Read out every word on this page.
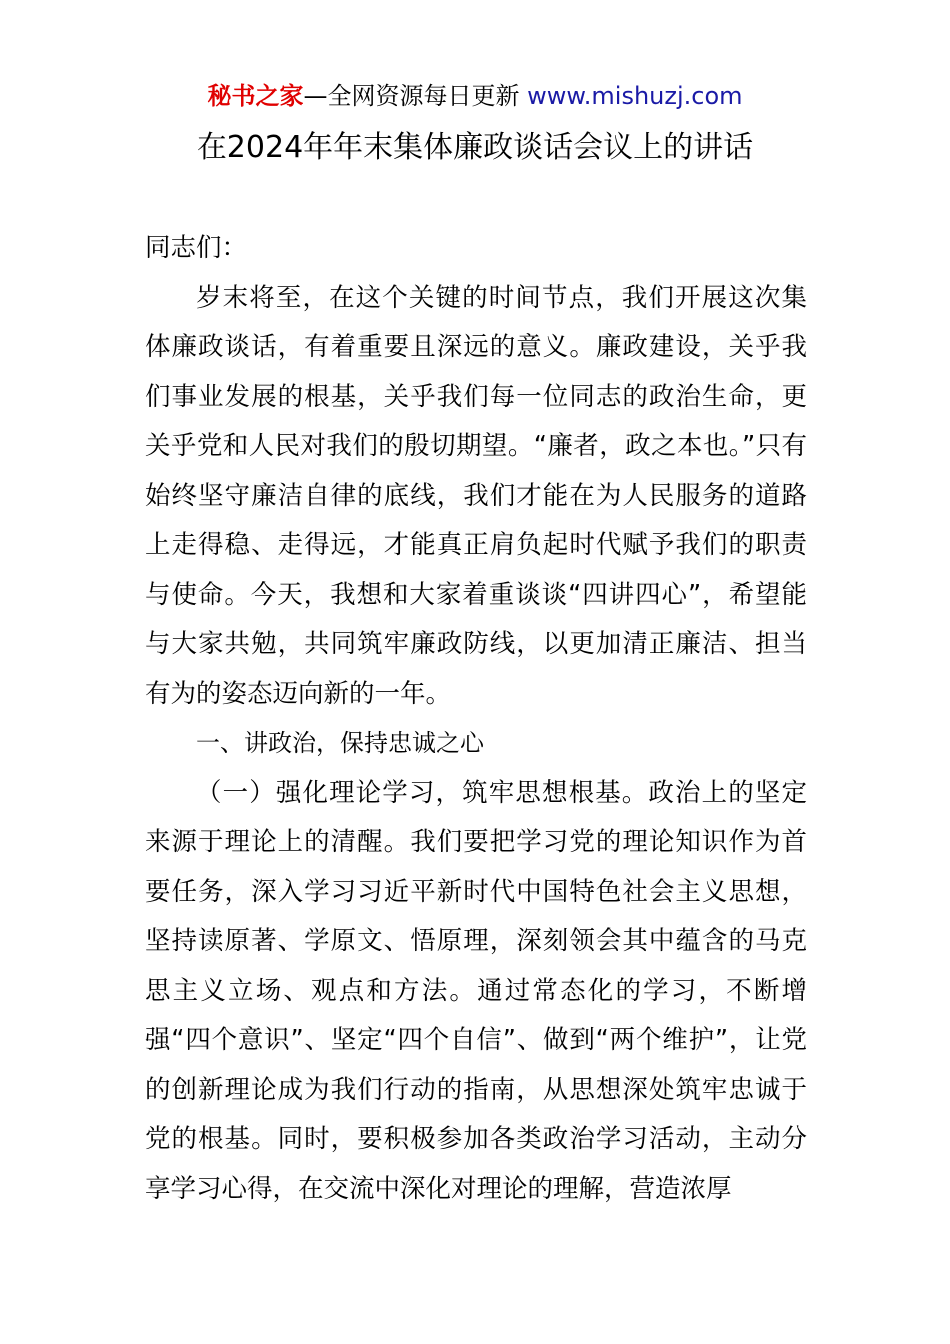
秘书之家—全网资源每日更新 www.mishuzj.com
在2024年年末集体廉政谈话会议上的讲话

同志们：

岁末将至，在这个关键的时间节点，我们开展这次集体廉政谈话，有着重要且深远的意义。廉政建设，关乎我们事业发展的根基，关乎我们每一位同志的政治生命，更关乎党和人民对我们的殷切期望。“廉者，政之本也。”只有始终坚守廉洁自律的底线，我们才能在为人民服务的道路上走得稳、走得远，才能真正肩负起时代赋予我们的职责与使命。今天，我想和大家着重谈谈“四讲四心”，希望能与大家共勉，共同筑牢廉政防线，以更加清正廉洁、担当有为的姿态迈向新的一年。

一、讲政治，保持忠诚之心

（一）强化理论学习，筑牢思想根基。政治上的坚定来源于理论上的清醒。我们要把学习党的理论知识作为首要任务，深入学习习近平新时代中国特色社会主义思想，坚持读原著、学原文、悟原理，深刻领会其中蕴含的马克思主义立场、观点和方法。通过常态化的学习，不断增强“四个意识”、坚定“四个自信”、做到“两个维护”，让党的创新理论成为我们行动的指南，从思想深处筑牢忠诚于党的根基。同时，要积极参加各类政治学习活动，主动分享学习心得，在交流中深化对理论的理解，营造浓厚
